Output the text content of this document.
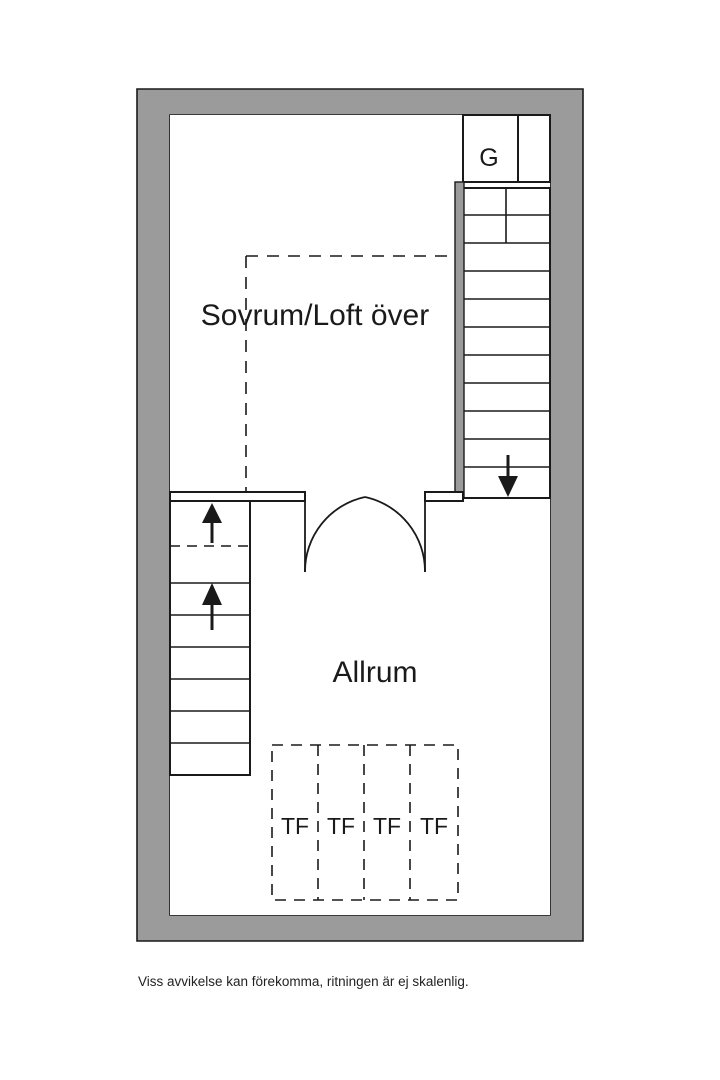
G
Sovrum/Loft över
Allrum
TF TF TF TF
Viss avvikelse kan förekomma, ritningen är ej skalenlig.
